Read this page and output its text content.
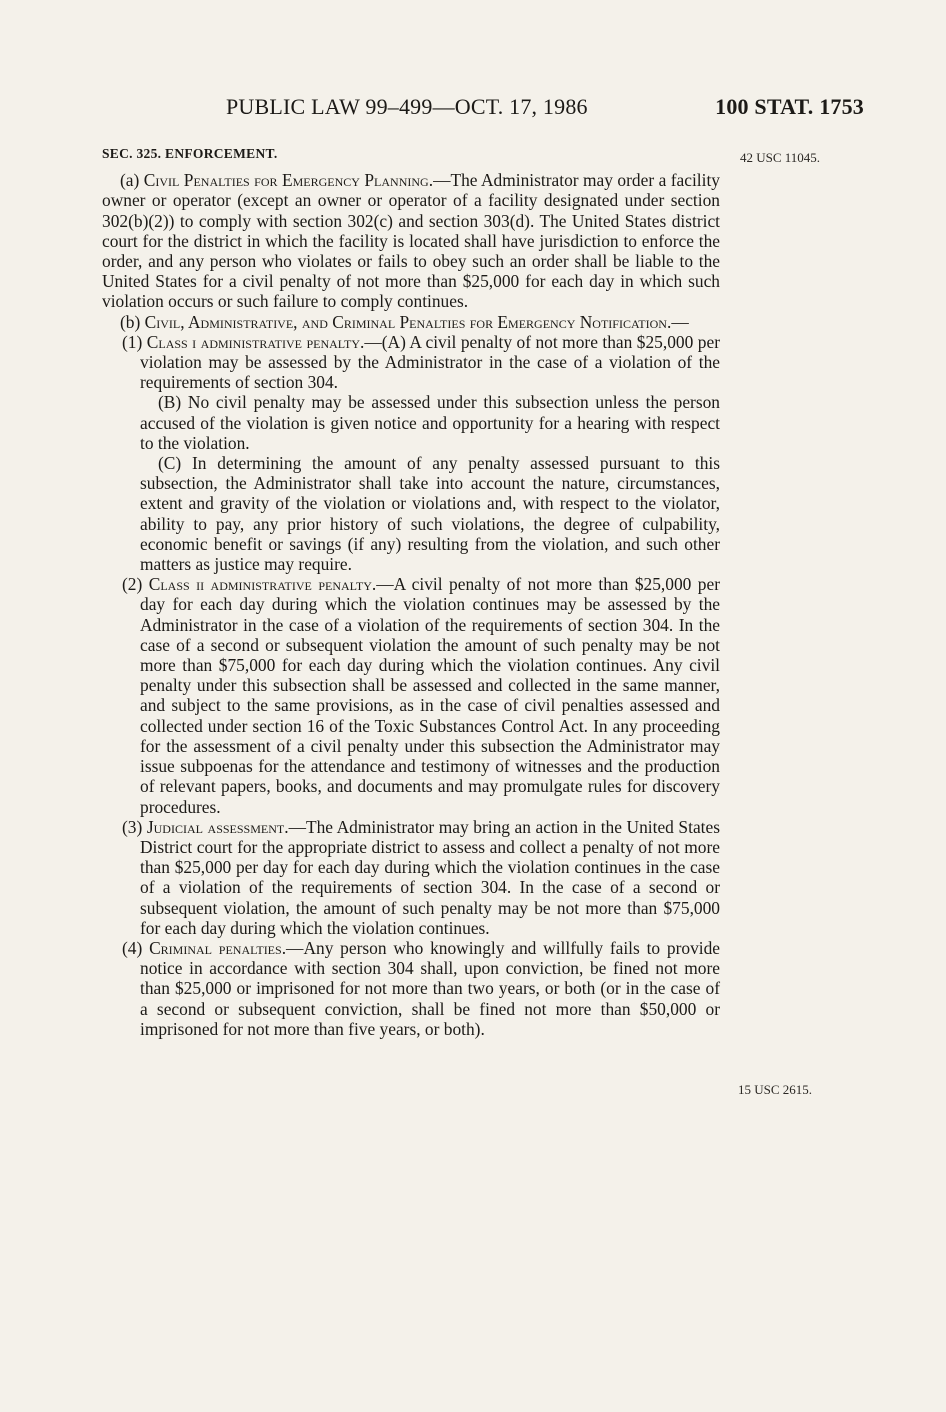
PUBLIC LAW 99–499—OCT. 17, 1986	100 STAT. 1753
42 USC 11045.
15 USC 2615.

SEC. 325. ENFORCEMENT.

(a) Civil Penalties for Emergency Planning.—The Administrator may order a facility owner or operator (except an owner or operator of a facility designated under section 302(b)(2)) to comply with section 302(c) and section 303(d). The United States district court for the district in which the facility is located shall have jurisdiction to enforce the order, and any person who violates or fails to obey such an order shall be liable to the United States for a civil penalty of not more than $25,000 for each day in which such violation occurs or such failure to comply continues.

(b) Civil, Administrative, and Criminal Penalties for Emergency Notification.—

(1) Class i administrative penalty.—(A) A civil penalty of not more than $25,000 per violation may be assessed by the Administrator in the case of a violation of the requirements of section 304.

(B) No civil penalty may be assessed under this subsection unless the person accused of the violation is given notice and opportunity for a hearing with respect to the violation.

(C) In determining the amount of any penalty assessed pursuant to this subsection, the Administrator shall take into account the nature, circumstances, extent and gravity of the violation or violations and, with respect to the violator, ability to pay, any prior history of such violations, the degree of culpability, economic benefit or savings (if any) resulting from the violation, and such other matters as justice may require.

(2) Class ii administrative penalty.—A civil penalty of not more than $25,000 per day for each day during which the violation continues may be assessed by the Administrator in the case of a violation of the requirements of section 304. In the case of a second or subsequent violation the amount of such penalty may be not more than $75,000 for each day during which the violation continues. Any civil penalty under this subsection shall be assessed and collected in the same manner, and subject to the same provisions, as in the case of civil penalties assessed and collected under section 16 of the Toxic Substances Control Act. In any proceeding for the assessment of a civil penalty under this subsection the Administrator may issue subpoenas for the attendance and testimony of witnesses and the production of relevant papers, books, and documents and may promulgate rules for discovery procedures.

(3) Judicial assessment.—The Administrator may bring an action in the United States District court for the appropriate district to assess and collect a penalty of not more than $25,000 per day for each day during which the violation continues in the case of a violation of the requirements of section 304. In the case of a second or subsequent violation, the amount of such penalty may be not more than $75,000 for each day during which the violation continues.

(4) Criminal penalties.—Any person who knowingly and willfully fails to provide notice in accordance with section 304 shall, upon conviction, be fined not more than $25,000 or imprisoned for not more than two years, or both (or in the case of a second or subsequent conviction, shall be fined not more than $50,000 or imprisoned for not more than five years, or both).
